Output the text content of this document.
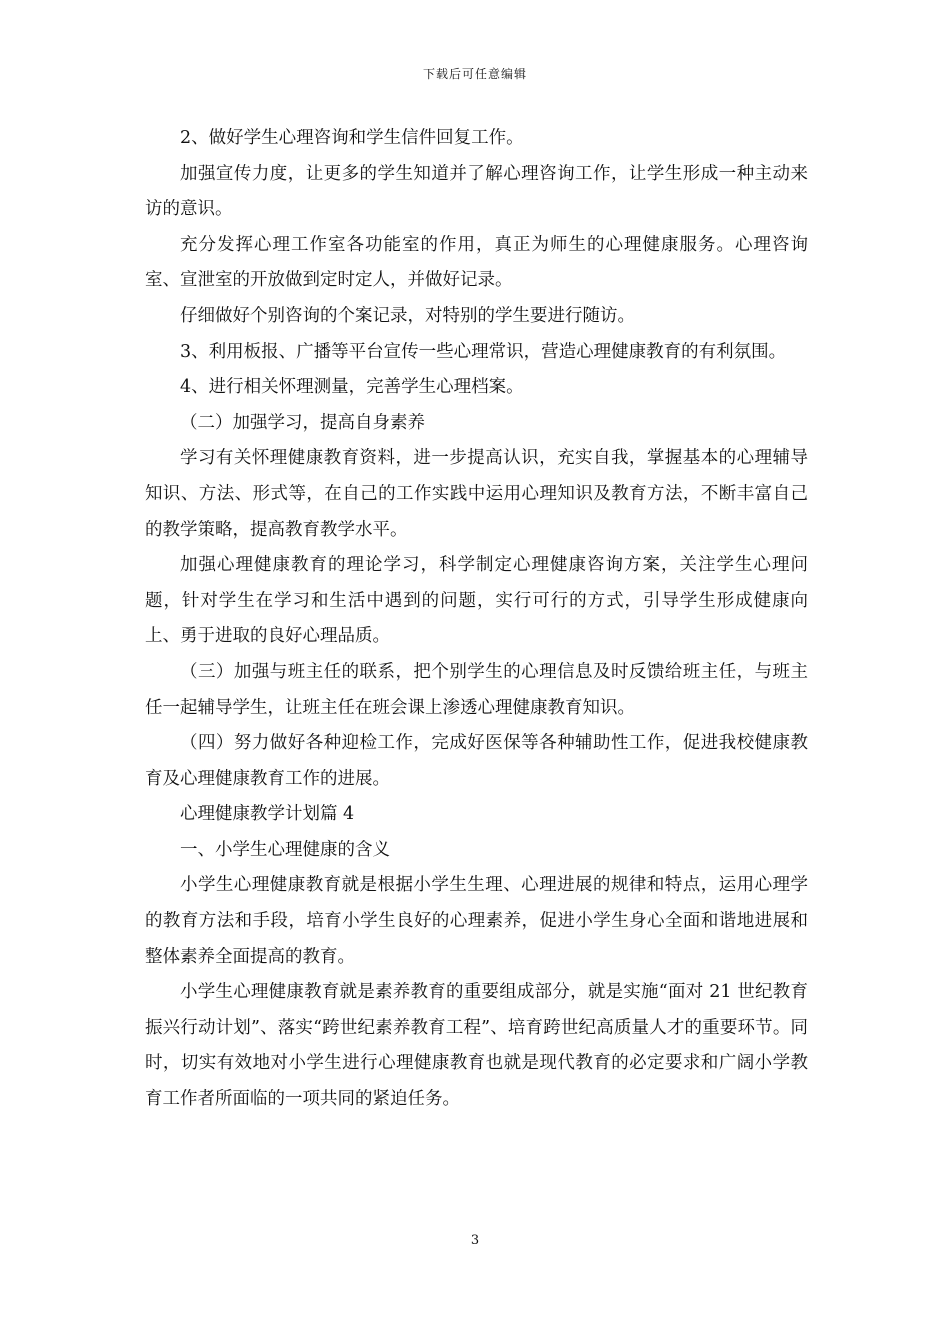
下载后可任意编辑

2、做好学生心理咨询和学生信件回复工作。

加强宣传力度，让更多的学生知道并了解心理咨询工作，让学生形成一种主动来访的意识。

充分发挥心理工作室各功能室的作用，真正为师生的心理健康服务。心理咨询室、宣泄室的开放做到定时定人，并做好记录。

仔细做好个别咨询的个案记录，对特别的学生要进行随访。

3、利用板报、广播等平台宣传一些心理常识，营造心理健康教育的有利氛围。

4、进行相关怀理测量，完善学生心理档案。

（二）加强学习，提高自身素养

学习有关怀理健康教育资料，进一步提高认识，充实自我，掌握基本的心理辅导知识、方法、形式等，在自己的工作实践中运用心理知识及教育方法，不断丰富自己的教学策略，提高教育教学水平。

加强心理健康教育的理论学习，科学制定心理健康咨询方案，关注学生心理问题，针对学生在学习和生活中遇到的问题，实行可行的方式，引导学生形成健康向上、勇于进取的良好心理品质。

（三）加强与班主任的联系，把个别学生的心理信息及时反馈给班主任，与班主任一起辅导学生，让班主任在班会课上渗透心理健康教育知识。

（四）努力做好各种迎检工作，完成好医保等各种辅助性工作，促进我校健康教育及心理健康教育工作的进展。

心理健康教学计划篇 4

一、小学生心理健康的含义

小学生心理健康教育就是根据小学生生理、心理进展的规律和特点，运用心理学的教育方法和手段，培育小学生良好的心理素养，促进小学生身心全面和谐地进展和整体素养全面提高的教育。

小学生心理健康教育就是素养教育的重要组成部分，就是实施“面对 21 世纪教育振兴行动计划”、落实“跨世纪素养教育工程”、培育跨世纪高质量人才的重要环节。同时，切实有效地对小学生进行心理健康教育也就是现代教育的必定要求和广阔小学教育工作者所面临的一项共同的紧迫任务。

3
